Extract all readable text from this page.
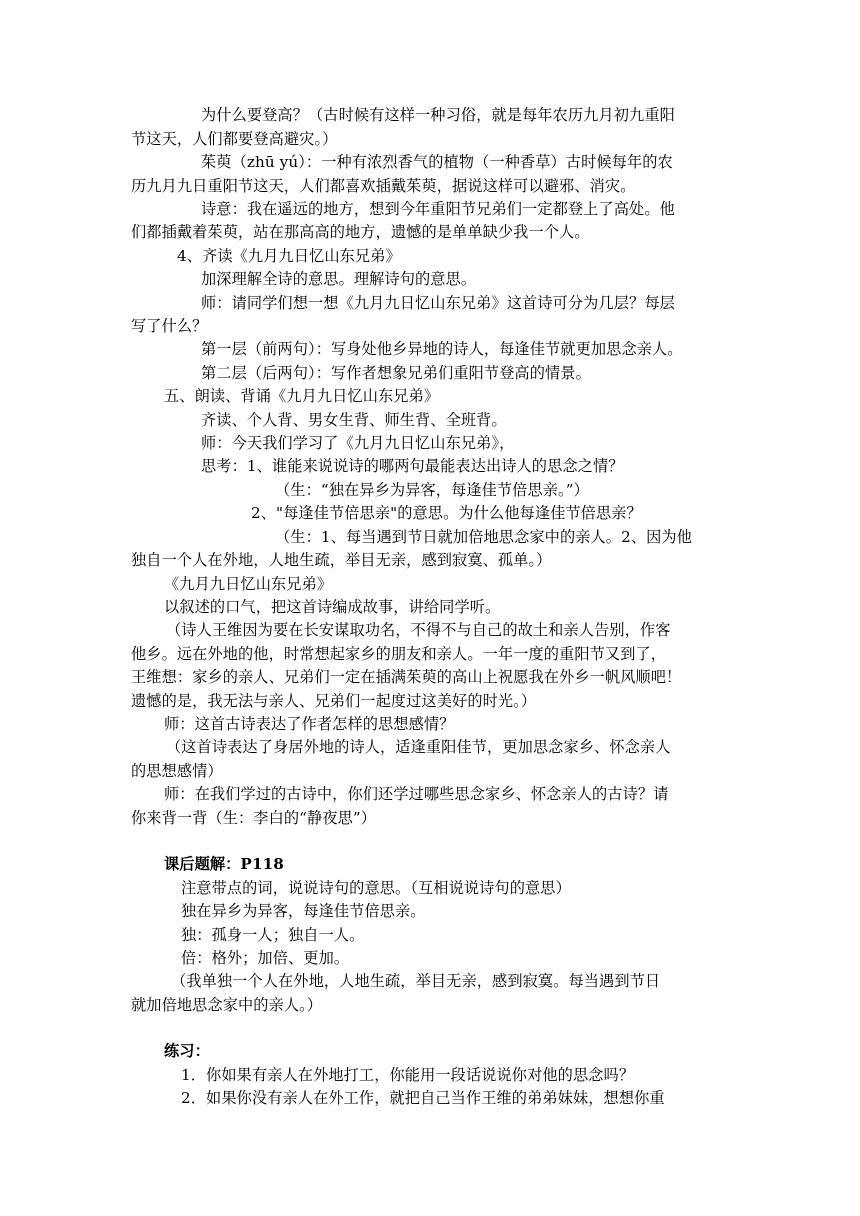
为什么要登高？（古时候有这样一种习俗，就是每年农历九月初九重阳
节这天，人们都要登高避灾。）
茱萸（zhū yú）：一种有浓烈香气的植物（一种香草）古时候每年的农
历九月九日重阳节这天，人们都喜欢插戴茱萸，据说这样可以避邪、消灾。
诗意：我在遥远的地方，想到今年重阳节兄弟们一定都登上了高处。他
们都插戴着茱萸，站在那高高的地方，遗憾的是单单缺少我一个人。
4、齐读《九月九日忆山东兄弟》
加深理解全诗的意思。理解诗句的意思。
师：请同学们想一想《九月九日忆山东兄弟》这首诗可分为几层？每层
写了什么？
第一层（前两句）：写身处他乡异地的诗人，每逢佳节就更加思念亲人。
第二层（后两句）：写作者想象兄弟们重阳节登高的情景。
五、朗读、背诵《九月九日忆山东兄弟》
齐读、个人背、男女生背、师生背、全班背。
师：今天我们学习了《九月九日忆山东兄弟》，
思考：1、谁能来说说诗的哪两句最能表达出诗人的思念之情？
（生：“独在异乡为异客，每逢佳节倍思亲。”）
2、"每逢佳节倍思亲"的意思。为什么他每逢佳节倍思亲？
（生：1、每当遇到节日就加倍地思念家中的亲人。2、因为他
独自一个人在外地，人地生疏，举目无亲，感到寂寞、孤单。）
《九月九日忆山东兄弟》
以叙述的口气，把这首诗编成故事，讲给同学听。
（诗人王维因为要在长安谋取功名，不得不与自己的故土和亲人告别，作客
他乡。远在外地的他，时常想起家乡的朋友和亲人。一年一度的重阳节又到了，
王维想：家乡的亲人、兄弟们一定在插满茱萸的高山上祝愿我在外乡一帆风顺吧！
遗憾的是，我无法与亲人、兄弟们一起度过这美好的时光。）
师：这首古诗表达了作者怎样的思想感情？
（这首诗表达了身居外地的诗人，适逢重阳佳节，更加思念家乡、怀念亲人
的思想感情）
师：在我们学过的古诗中，你们还学过哪些思念家乡、怀念亲人的古诗？请
你来背一背（生：李白的“静夜思”）
课后题解：P118
注意带点的词，说说诗句的意思。（互相说说诗句的意思）
独在异乡为异客，每逢佳节倍思亲。
独：孤身一人；独自一人。
倍：格外；加倍、更加。
（我单独一个人在外地，人地生疏，举目无亲，感到寂寞。每当遇到节日
就加倍地思念家中的亲人。）
练习：
1．你如果有亲人在外地打工，你能用一段话说说你对他的思念吗？
2．如果你没有亲人在外工作，就把自己当作王维的弟弟妹妹，想想你重
